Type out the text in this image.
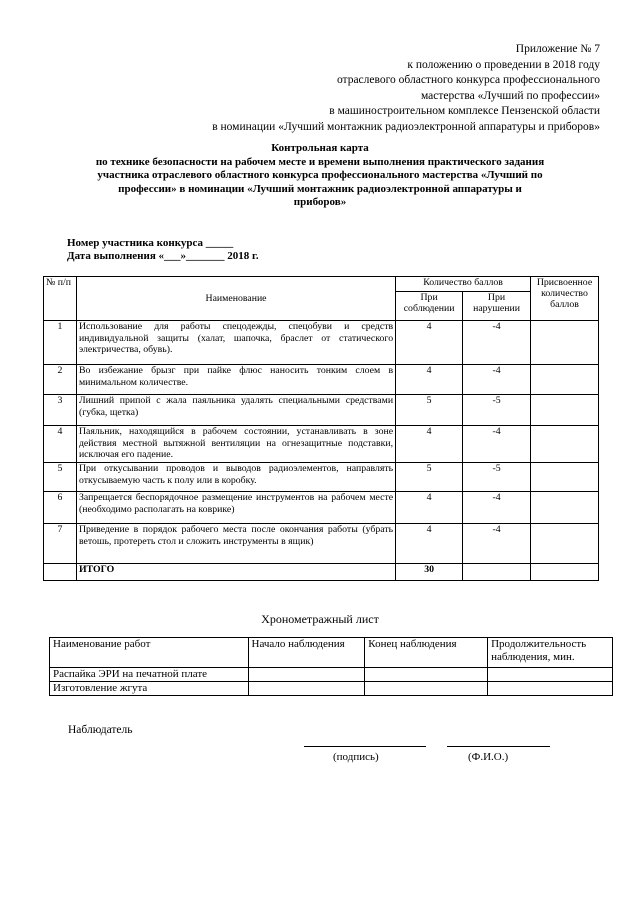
Приложение № 7
к положению о проведении в 2018 году
отраслевого областного конкурса профессионального
мастерства «Лучший по профессии»
в машиностроительном комплексе Пензенской области
в номинации «Лучший монтажник радиоэлектронной аппаратуры и приборов»
Контрольная карта
по технике безопасности на рабочем месте и времени выполнения практического задания
участника отраслевого областного конкурса профессионального мастерства «Лучший по
профессии» в номинации «Лучший монтажник радиоэлектронной аппаратуры и
приборов»
Номер участника конкурса _____
Дата выполнения «___»_______ 2018 г.
№ п/п	Наименование	Количество баллов		Присвоенное количество баллов
		При соблюдении	При нарушении	
1	Использование для работы спецодежды, спецобуви и средств индивидуальной защиты (халат, шапочка, браслет от статического электричества, обувь).	4	-4	
2	Во избежание брызг при пайке флюс наносить тонким слоем в минимальном количестве.	4	-4	
3	Лишний припой с жала паяльника удалять специальными средствами (губка, щетка)	5	-5	
4	Паяльник, находящийся в рабочем состоянии, устанавливать в зоне действия местной вытяжной вентиляции на огнезащитные подставки, исключая его падение.	4	-4	
5	При откусывании проводов и выводов радиоэлементов, направлять откусываемую часть к полу или в коробку.	5	-5	
6	Запрещается беспорядочное размещение инструментов на рабочем месте (необходимо располагать на коврике)	4	-4	
7	Приведение в порядок рабочего места после окончания работы (убрать ветошь, протереть стол и сложить инструменты в ящик)	4	-4	
	ИТОГО	30		
Хронометражный лист
Наименование работ	Начало наблюдения	Конец наблюдения	Продолжительность наблюдения, мин.
Распайка ЭРИ на печатной плате			
Изготовление жгута			
Наблюдатель
(подпись)	(Ф.И.О.)
